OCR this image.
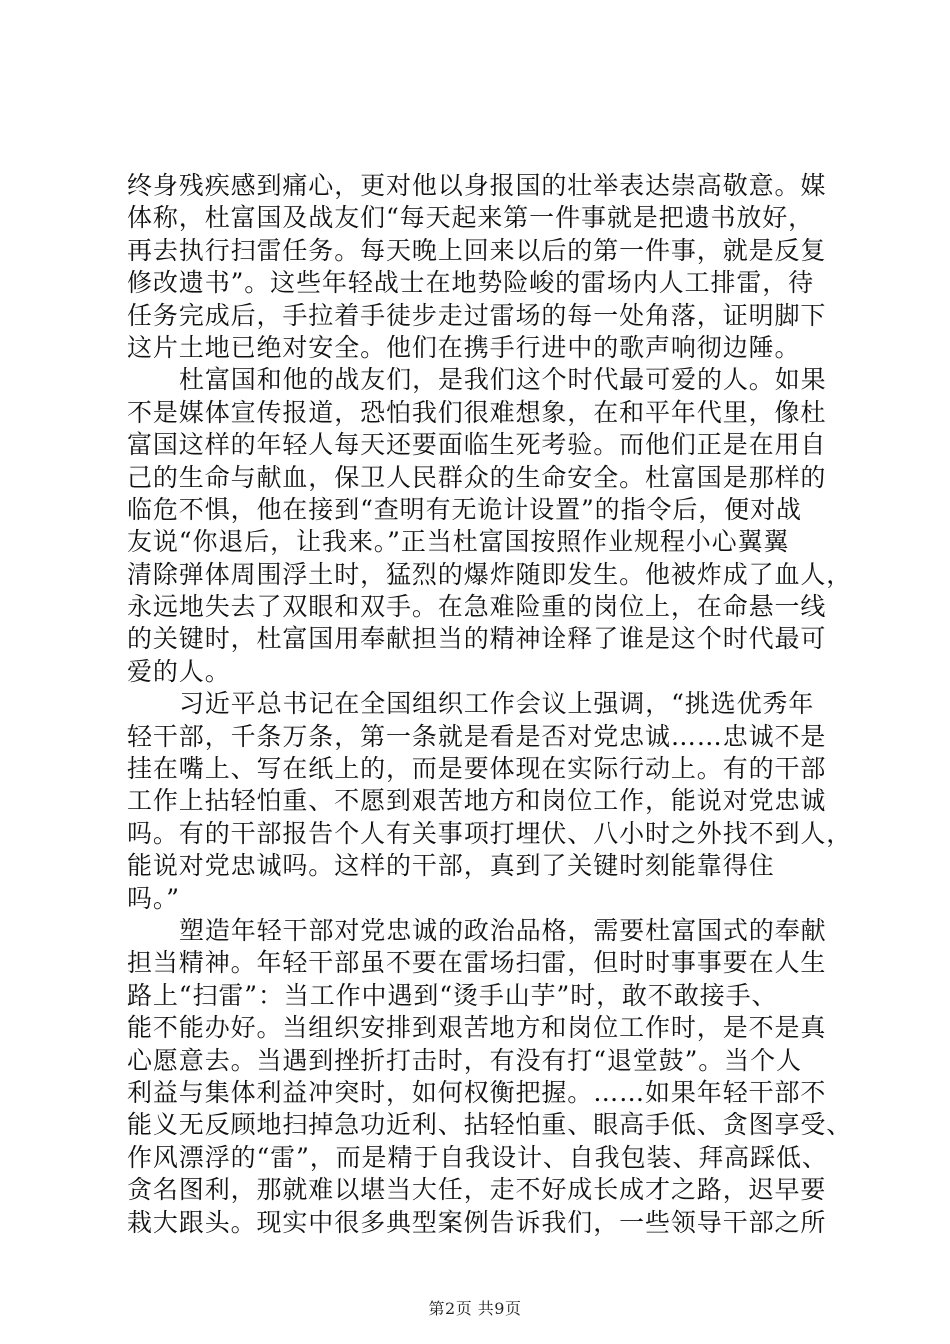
终身残疾感到痛心，更对他以身报国的壮举表达崇高敬意。媒
体称，杜富国及战友们“每天起来第一件事就是把遗书放好，
再去执行扫雷任务。每天晚上回来以后的第一件事，就是反复
修改遗书”。这些年轻战士在地势险峻的雷场内人工排雷，待
任务完成后，手拉着手徒步走过雷场的每一处角落，证明脚下
这片土地已绝对安全。他们在携手行进中的歌声响彻边陲。
杜富国和他的战友们，是我们这个时代最可爱的人。如果
不是媒体宣传报道，恐怕我们很难想象，在和平年代里，像杜
富国这样的年轻人每天还要面临生死考验。而他们正是在用自
己的生命与献血，保卫人民群众的生命安全。杜富国是那样的
临危不惧，他在接到“查明有无诡计设置”的指令后，便对战
友说“你退后，让我来。”正当杜富国按照作业规程小心翼翼
清除弹体周围浮土时，猛烈的爆炸随即发生。他被炸成了血人，
永远地失去了双眼和双手。在急难险重的岗位上，在命悬一线
的关键时，杜富国用奉献担当的精神诠释了谁是这个时代最可
爱的人。
习近平总书记在全国组织工作会议上强调，“挑选优秀年
轻干部，千条万条，第一条就是看是否对党忠诚……忠诚不是
挂在嘴上、写在纸上的，而是要体现在实际行动上。有的干部
工作上拈轻怕重、不愿到艰苦地方和岗位工作，能说对党忠诚
吗。有的干部报告个人有关事项打埋伏、八小时之外找不到人，
能说对党忠诚吗。这样的干部，真到了关键时刻能靠得住
吗。”
塑造年轻干部对党忠诚的政治品格，需要杜富国式的奉献
担当精神。年轻干部虽不要在雷场扫雷，但时时事事要在人生
路上“扫雷”：当工作中遇到“烫手山芋”时，敢不敢接手、
能不能办好。当组织安排到艰苦地方和岗位工作时，是不是真
心愿意去。当遇到挫折打击时，有没有打“退堂鼓”。当个人
利益与集体利益冲突时，如何权衡把握。……如果年轻干部不
能义无反顾地扫掉急功近利、拈轻怕重、眼高手低、贪图享受、
作风漂浮的“雷”，而是精于自我设计、自我包装、拜高踩低、
贪名图利，那就难以堪当大任，走不好成长成才之路，迟早要
栽大跟头。现实中很多典型案例告诉我们，一些领导干部之所
第2页 共9页
